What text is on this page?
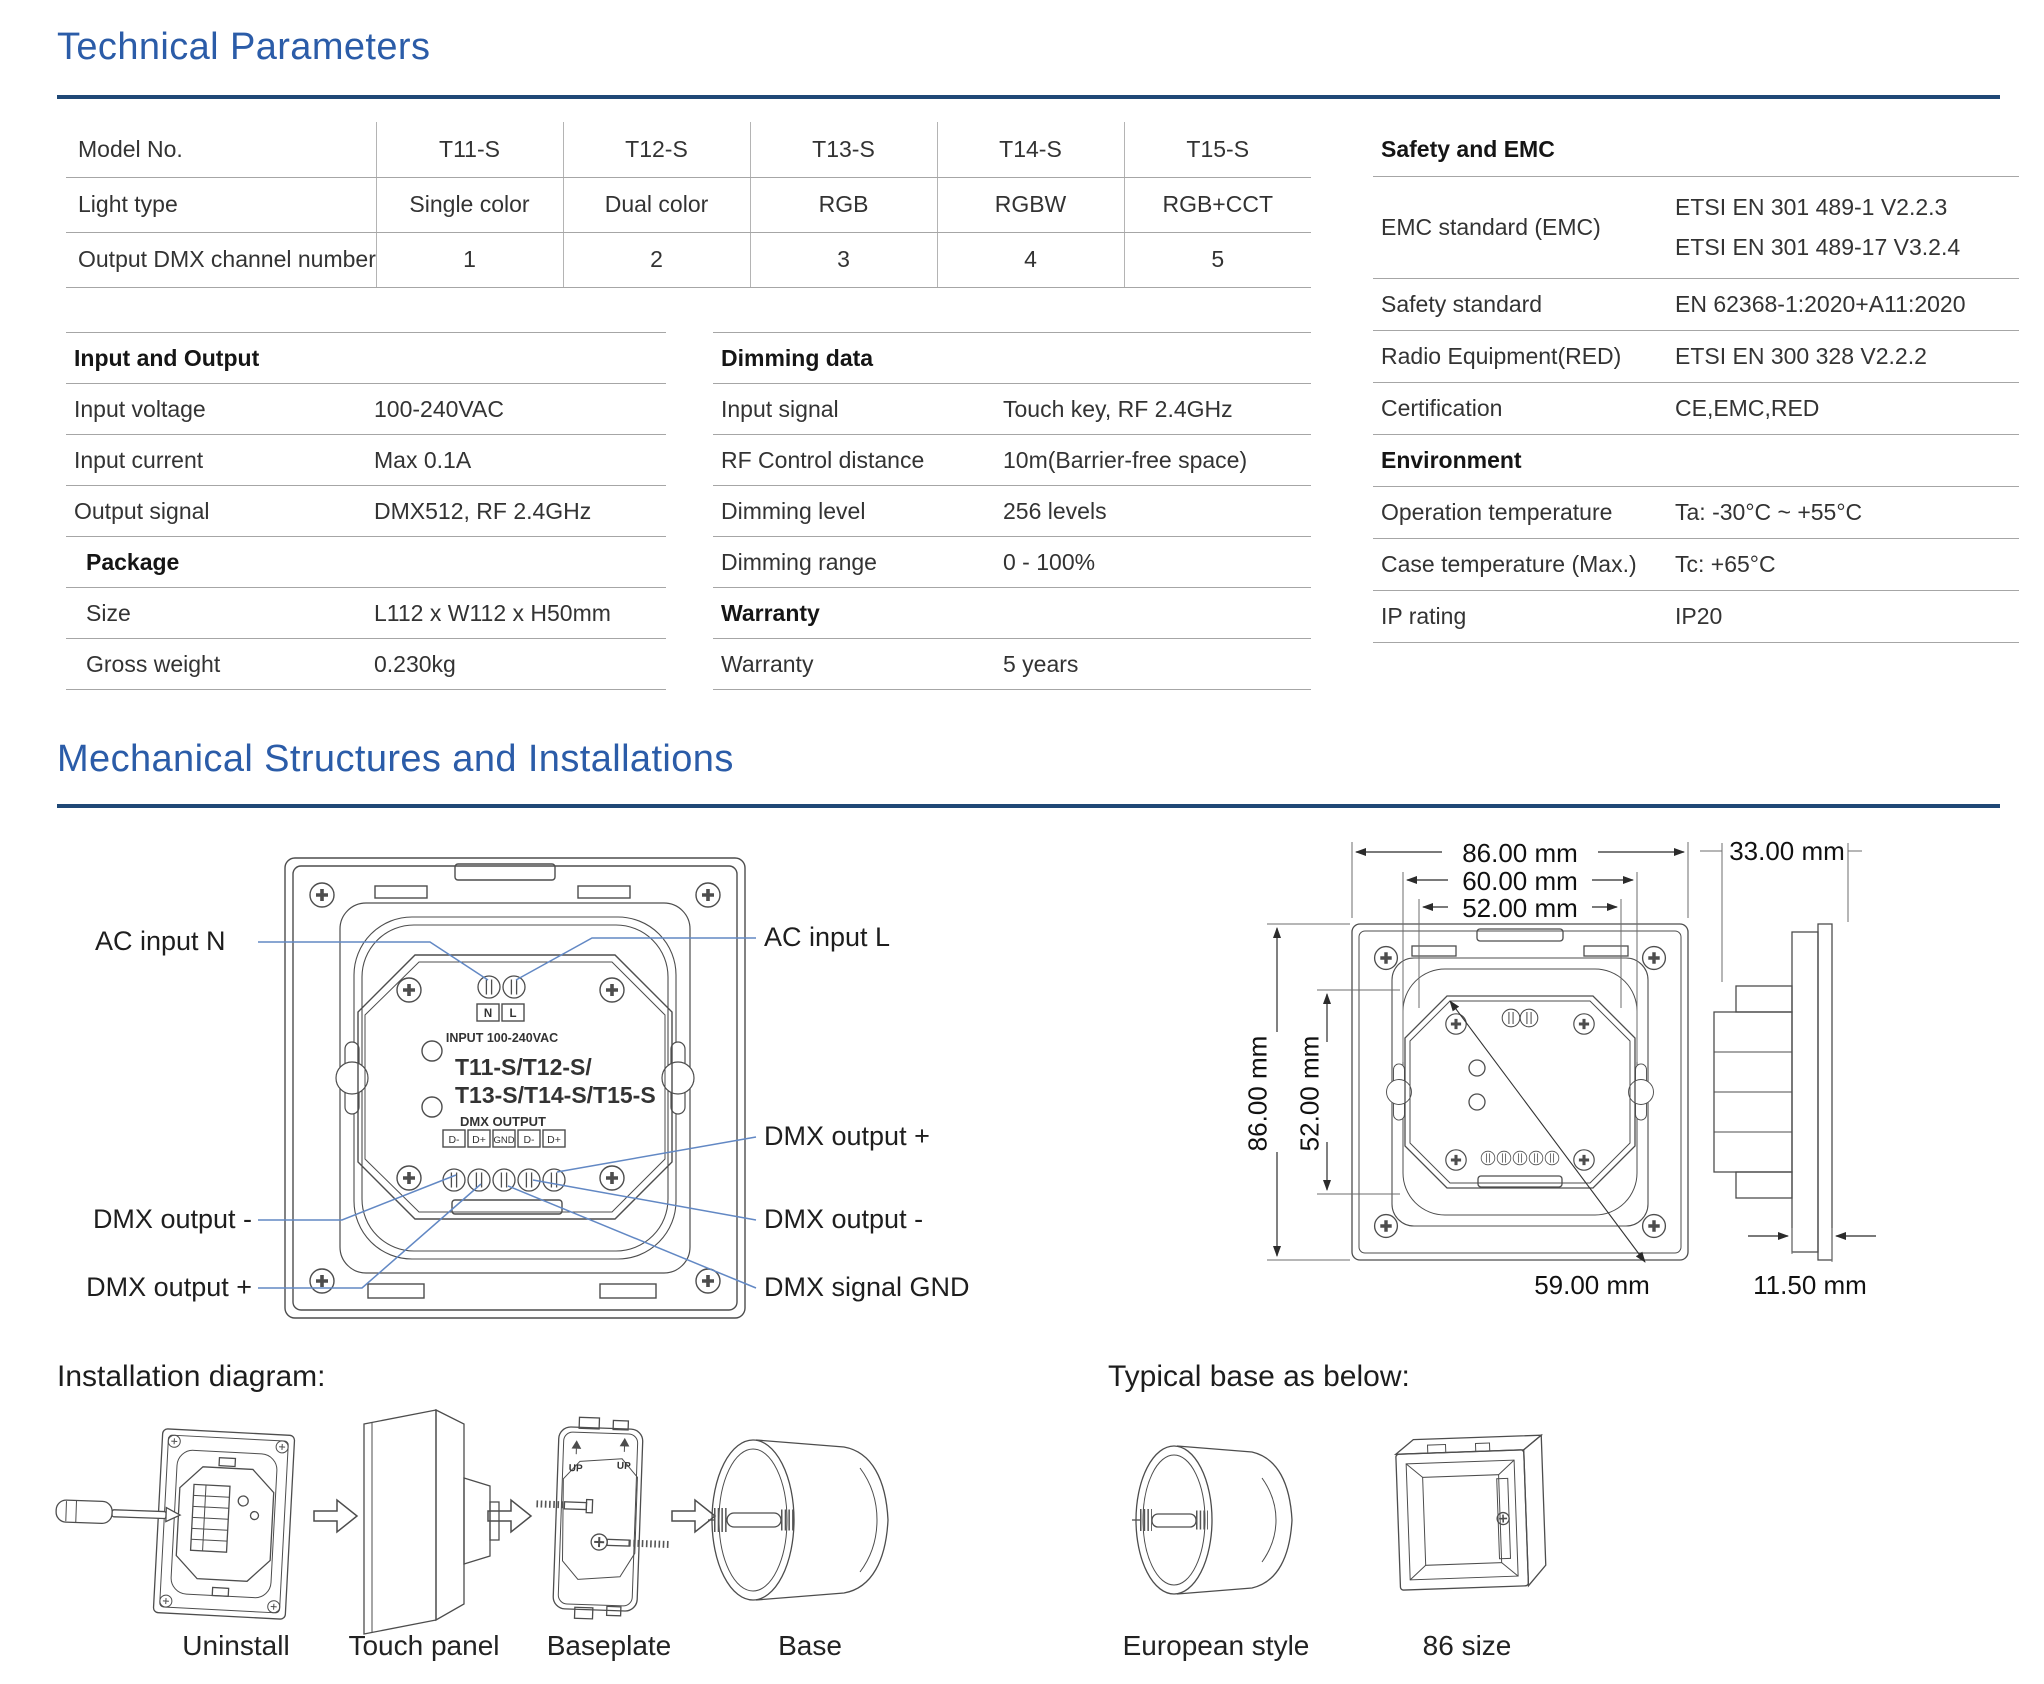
Technical Parameters
Model No.	T11-S	T12-S	T13-S	T14-S	T15-S
Light type	Single color	Dual color	RGB	RGBW	RGB+CCT
Output DMX channel number	1	2	3	4	5
Input and Output	
Input voltage	100-240VAC
Input current	Max 0.1A
Output signal	DMX512, RF 2.4GHz
Package	
Size	L112 x W112 x H50mm
Gross weight	0.230kg
Dimming data	
Input signal	Touch key, RF 2.4GHz
RF Control distance	10m(Barrier-free space)
Dimming level	256 levels
Dimming range	0 - 100%
Warranty	
Warranty	5 years
Safety and EMC	
EMC standard (EMC)	ETSI EN 301 489-1 V2.2.3
ETSI EN 301 489-17 V3.2.4

Safety standard	EN 62368-1:2020+A11:2020
Radio Equipment(RED)	ETSI EN 300 328 V2.2.2
Certification	CE,EMC,RED
Environment	
Operation temperature	Ta: -30°C ~ +55°C
Case temperature (Max.)	Tc: +65°C
IP rating	IP20
Mechanical Structures and Installations
N L
INPUT 100-240VAC
T11-S/T12-S/
T13-S/T14-S/T15-S
DMX OUTPUT
D- D+ GND D- D+
UP	UP
AC input N	AC input L
DMX output +
DMX output -
DMX signal GND
DMX output -
DMX output +
86.00 mm
60.00 mm
52.00 mm
86.00 mm 52.00 mm
59.00 mm
33.00 mm
11.50 mm
Installation diagram:	Typical base as below:
Uninstall	Touch panel	Baseplate	Base	European style	86 size
